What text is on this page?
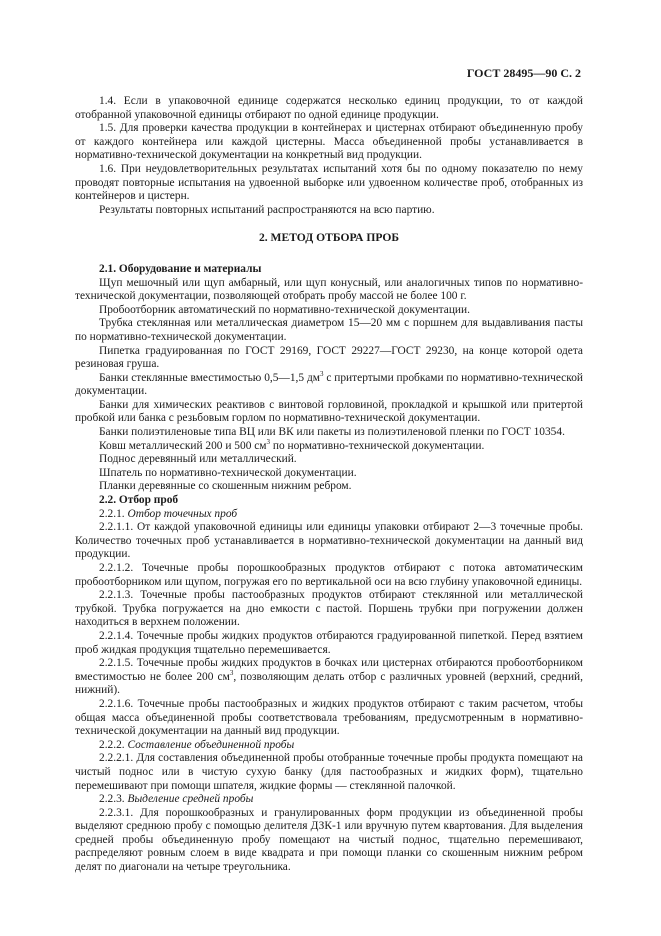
ГОСТ 28495—90 С. 2

1.4. Если в упаковочной единице содержатся несколько единиц продукции, то от каждой отобранной упаковочной единицы отбирают по одной единице продукции.

1.5. Для проверки качества продукции в контейнерах и цистернах отбирают объединенную пробу от каждого контейнера или каждой цистерны. Масса объединенной пробы устанавливается в нормативно-технической документации на конкретный вид продукции.

1.6. При неудовлетворительных результатах испытаний хотя бы по одному показателю по нему проводят повторные испытания на удвоенной выборке или удвоенном количестве проб, отобранных из контейнеров и цистерн.

Результаты повторных испытаний распространяются на всю партию.

2. МЕТОД ОТБОРА ПРОБ

2.1. Оборудование и материалы

Щуп мешочный или щуп амбарный, или щуп конусный, или аналогичных типов по нормативно-технической документации, позволяющей отобрать пробу массой не более 100 г.

Пробоотборник автоматический по нормативно-технической документации.

Трубка стеклянная или металлическая диаметром 15—20 мм с поршнем для выдавливания пасты по нормативно-технической документации.

Пипетка градуированная по ГОСТ 29169, ГОСТ 29227—ГОСТ 29230, на конце которой одета резиновая груша.

Банки стеклянные вместимостью 0,5—1,5 $дм^3$ с притертыми пробками по нормативно-технической документации.

Банки для химических реактивов с винтовой горловиной, прокладкой и крышкой или притертой пробкой или банка с резьбовым горлом по нормативно-технической документации.

Банки полиэтиленовые типа ВЦ или ВК или пакеты из полиэтиленовой пленки по ГОСТ 10354.

Ковш металлический 200 и 500 $см^3$ по нормативно-технической документации.

Поднос деревянный или металлический.

Шпатель по нормативно-технической документации.

Планки деревянные со скошенным нижним ребром.

2.2. Отбор проб

2.2.1. Отбор точечных проб

2.2.1.1. От каждой упаковочной единицы или единицы упаковки отбирают 2—3 точечные пробы. Количество точечных проб устанавливается в нормативно-технической документации на данный вид продукции.

2.2.1.2. Точечные пробы порошкообразных продуктов отбирают с потока автоматическим пробоотборником или щупом, погружая его по вертикальной оси на всю глубину упаковочной единицы.

2.2.1.3. Точечные пробы пастообразных продуктов отбирают стеклянной или металлической трубкой. Трубка погружается на дно емкости с пастой. Поршень трубки при погружении должен находиться в верхнем положении.

2.2.1.4. Точечные пробы жидких продуктов отбираются градуированной пипеткой. Перед взятием проб жидкая продукция тщательно перемешивается.

2.2.1.5. Точечные пробы жидких продуктов в бочках или цистернах отбираются пробоотборником вместимостью не более 200 $см^3$, позволяющим делать отбор с различных уровней (верхний, средний, нижний).

2.2.1.6. Точечные пробы пастообразных и жидких продуктов отбирают с таким расчетом, чтобы общая масса объединенной пробы соответствовала требованиям, предусмотренным в нормативно-технической документации на данный вид продукции.

2.2.2. Составление объединенной пробы

2.2.2.1. Для составления объединенной пробы отобранные точечные пробы продукта помещают на чистый поднос или в чистую сухую банку (для пастообразных и жидких форм), тщательно перемешивают при помощи шпателя, жидкие формы — стеклянной палочкой.

2.2.3. Выделение средней пробы

2.2.3.1. Для порошкообразных и гранулированных форм продукции из объединенной пробы выделяют среднюю пробу с помощью делителя ДЗК-1 или вручную путем квартования. Для выделения средней пробы объединенную пробу помещают на чистый поднос, тщательно перемешивают, распределяют ровным слоем в виде квадрата и при помощи планки со скошенным нижним ребром делят по диагонали на четыре треугольника.
